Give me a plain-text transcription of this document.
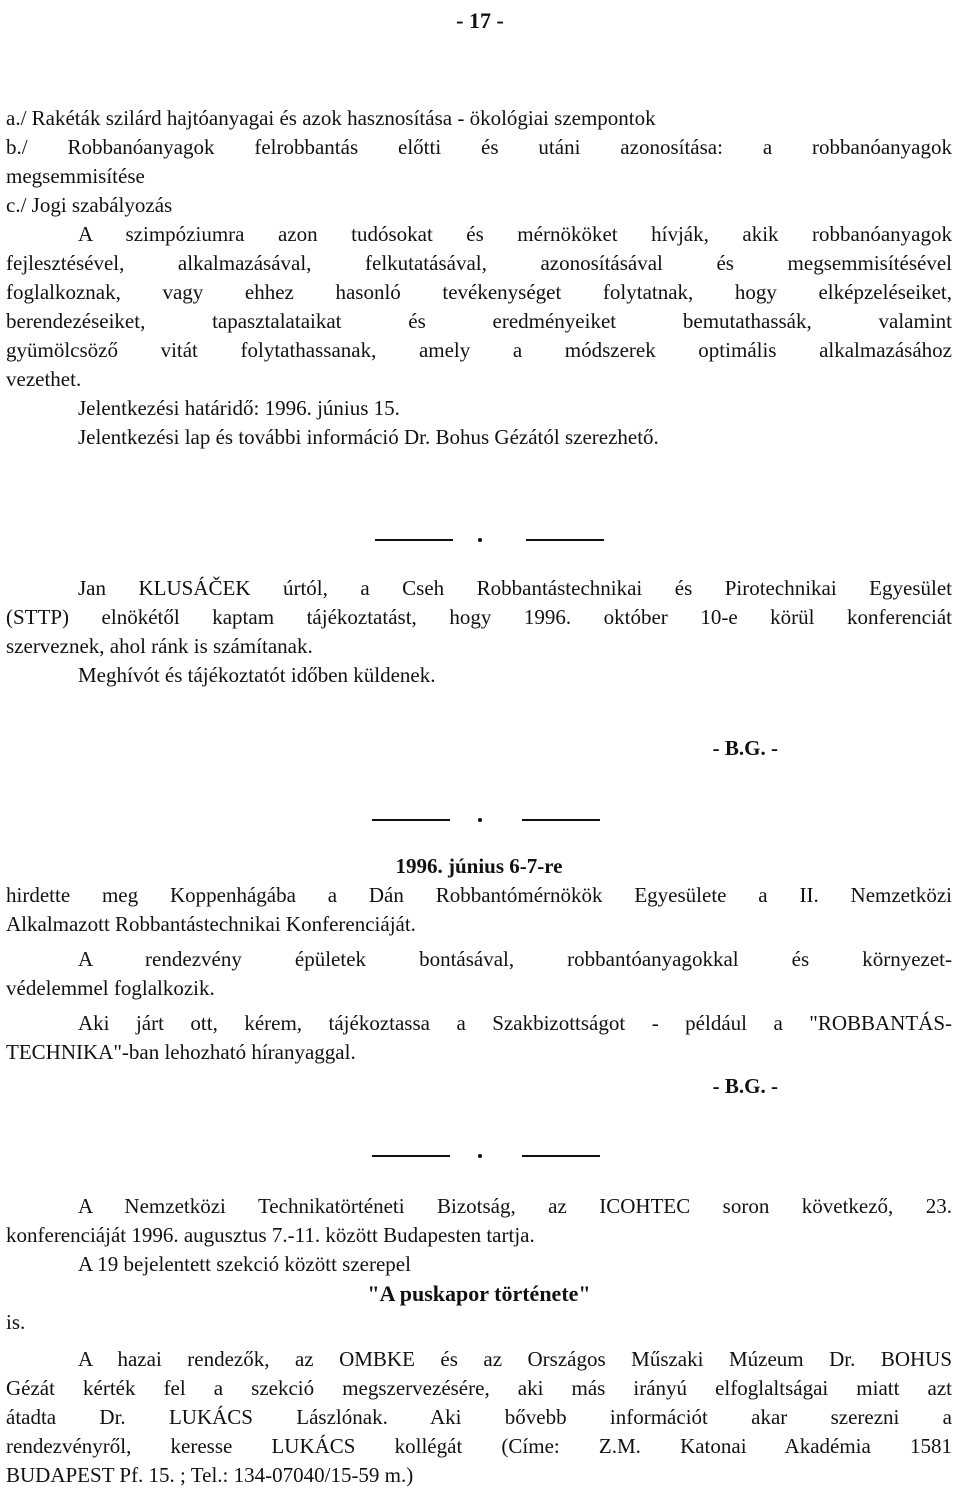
- 17 -
a./ Rakéták szilárd hajtóanyagai és azok hasznosítása - ökológiai szempontok
b./ Robbanóanyagok felrobbantás előtti és utáni azonosítása: a robbanóanyagok
megsemmisítése
c./ Jogi szabályozás
A szimpóziumra azon tudósokat és mérnököket hívják, akik robbanóanyagok
fejlesztésével, alkalmazásával, felkutatásával, azonosításával és megsemmisítésével
foglalkoznak, vagy ehhez hasonló tevékenységet folytatnak, hogy elképzeléseiket,
berendezéseiket, tapasztalataikat és eredményeiket bemutathassák, valamint
gyümölcsöző vitát folytathassanak, amely a módszerek optimális alkalmazásához
vezethet.
Jelentkezési határidő: 1996. június 15.
Jelentkezési lap és további információ Dr. Bohus Gézától szerezhető.
Jan KLUSÁČEK úrtól, a Cseh Robbantástechnikai és Pirotechnikai Egyesület
(STTP) elnökétől kaptam tájékoztatást, hogy 1996. október 10-e körül konferenciát
szerveznek, ahol ránk is számítanak.
Meghívót és tájékoztatót időben küldenek.
- B.G. -
1996. június 6-7-re
hirdette meg Koppenhágába a Dán Robbantómérnökök Egyesülete a II. Nemzetközi
Alkalmazott Robbantástechnikai Konferenciáját.
A rendezvény épületek bontásával, robbantóanyagokkal és környezet-
védelemmel foglalkozik.
Aki járt ott, kérem, tájékoztassa a Szakbizottságot - például a "ROBBANTÁS-
TECHNIKA"-ban lehozható híranyaggal.
- B.G. -
A Nemzetközi Technikatörténeti Bizotság, az ICOHTEC soron következő, 23.
konferenciáját 1996. augusztus 7.-11. között Budapesten tartja.
A 19 bejelentett szekció között szerepel
"A puskapor története"
is.
A hazai rendezők, az OMBKE és az Országos Műszaki Múzeum Dr. BOHUS
Gézát kérték fel a szekció megszervezésére, aki más irányú elfoglaltságai miatt azt
átadta Dr. LUKÁCS Lászlónak. Aki bővebb információt akar szerezni a
rendezvényről, keresse LUKÁCS kollégát (Címe: Z.M. Katonai Akadémia 1581
BUDAPEST Pf. 15. ; Tel.: 134-07040/15-59 m.)
